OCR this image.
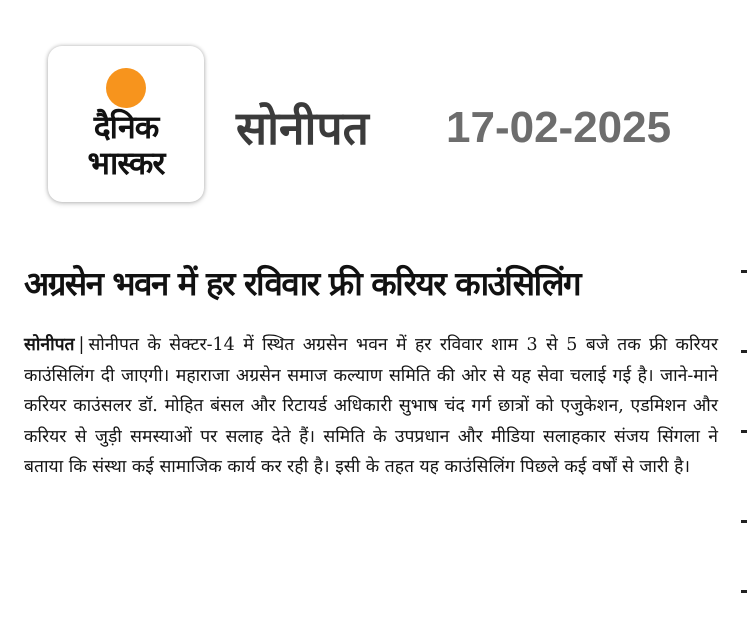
दैनिक
भास्कर
सोनीपत 17-02-2025
अग्रसेन भवन में हर रविवार फ्री करियर काउंसिलिंग
सोनीपत | सोनीपत के सेक्टर-14 में स्थित अग्रसेन भवन में हर रविवार शाम 3 से 5 बजे तक फ्री करियर काउंसिलिंग दी जाएगी। महाराजा अग्रसेन समाज कल्याण समिति की ओर से यह सेवा चलाई गई है। जाने-माने करियर काउंसलर डॉ. मोहित बंसल और रिटायर्ड अधिकारी सुभाष चंद गर्ग छात्रों को एजुकेशन, एडमिशन और करियर से जुड़ी समस्याओं पर सलाह देते हैं। समिति के उपप्रधान और मीडिया सलाहकार संजय सिंगला ने बताया कि संस्था कई सामाजिक कार्य कर रही है। इसी के तहत यह काउंसिलिंग पिछले कई वर्षों से जारी है।
